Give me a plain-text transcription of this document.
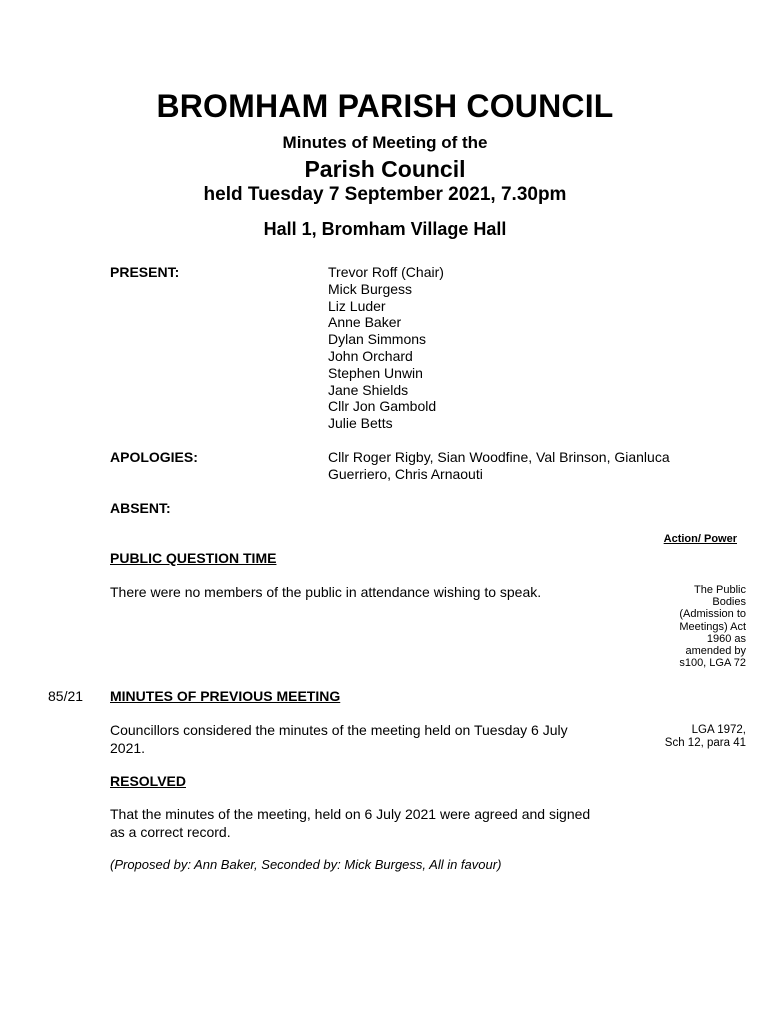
BROMHAM PARISH COUNCIL
Minutes of Meeting of the
Parish Council
held Tuesday 7 September 2021, 7.30pm
Hall 1, Bromham Village Hall
PRESENT:	Trevor Roff (Chair)
Mick Burgess
Liz Luder
Anne Baker
Dylan Simmons
John Orchard
Stephen Unwin
Jane Shields
Cllr Jon Gambold
Julie Betts
APOLOGIES:	Cllr Roger Rigby, Sian Woodfine, Val Brinson, Gianluca
Guerriero, Chris Arnaouti
ABSENT:
Action/ Power
PUBLIC QUESTION TIME
There were no members of the public in attendance wishing to speak.	The Public
Bodies
(Admission to
Meetings) Act
1960 as
amended by
s100, LGA 72
85/21 MINUTES OF PREVIOUS MEETING
Councillors considered the minutes of the meeting held on Tuesday 6 July
2021.
LGA 1972,
Sch 12, para 41
RESOLVED
That the minutes of the meeting, held on 6 July 2021 were agreed and signed
as a correct record.
(Proposed by: Ann Baker, Seconded by: Mick Burgess, All in favour)
